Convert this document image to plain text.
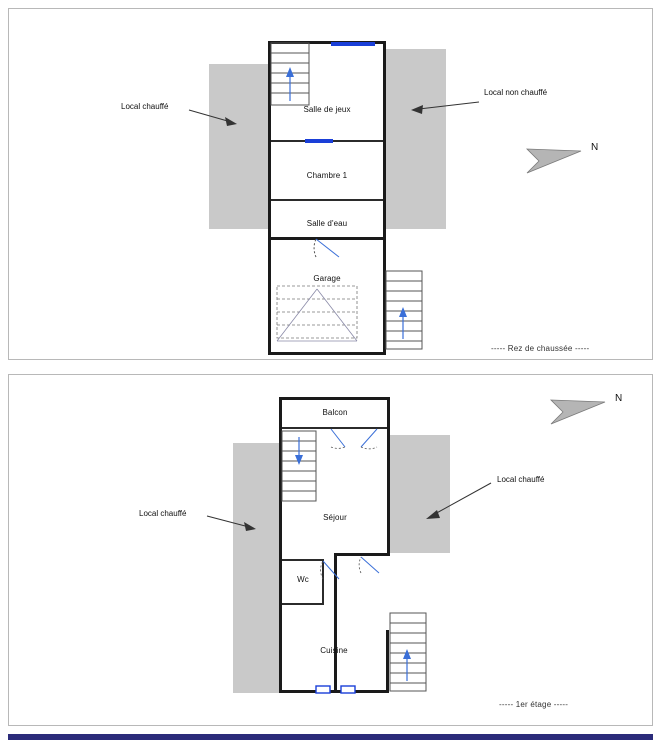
Salle de jeux
Chambre 1
Salle d'eau
Garage
Local chauffé
Local non chauffé
N
----- Rez de chaussée -----
Balcon
Séjour
Wc
Cuisine
Local chauffé
Local chauffé
N
----- 1er étage -----
